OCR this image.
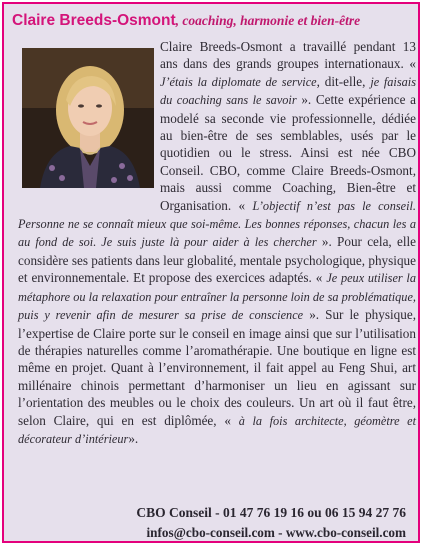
Claire Breeds-Osmont, coaching, harmonie et bien-être
Claire Breeds-Osmont a travaillé pendant 13 ans dans des grands groupes internationaux. « J’étais la diplomate de service, dit-elle, je faisais du coaching sans le savoir ». Cette expérience a modelé sa seconde vie professionnelle, dédiée au bien-être de ses semblables, usés par le quotidien ou le stress. Ainsi est née CBO Conseil. CBO, comme Claire Breeds-Osmont, mais aussi comme Coaching, Bien-être et Organisation. « L’objectif n’est pas le conseil. Personne ne se connaît mieux que soi-même. Les bonnes réponses, chacun les a au fond de soi. Je suis juste là pour aider à les chercher ». Pour cela, elle considère ses patients dans leur globalité, mentale psychologique, physique et environnementale. Et propose des exercices adaptés. « Je peux utiliser la métaphore ou la relaxation pour entraîner la personne loin de sa problématique, puis y revenir afin de mesurer sa prise de conscience ». Sur le physique, l’expertise de Claire porte sur le conseil en image ainsi que sur l’utilisation de thérapies naturelles comme l’aromathérapie. Une boutique en ligne est même en projet. Quant à l’environnement, il fait appel au Feng Shui, art millénaire chinois permettant d’harmoniser un lieu en agissant sur l’orientation des meubles ou le choix des couleurs. Un art où il faut être, selon Claire, qui en est diplômée, « à la fois architecte, géomètre et décorateur d’intérieur».
CBO Conseil - 01 47 76 19 16 ou 06 15 94 27 76
infos@cbo-conseil.com - www.cbo-conseil.com
